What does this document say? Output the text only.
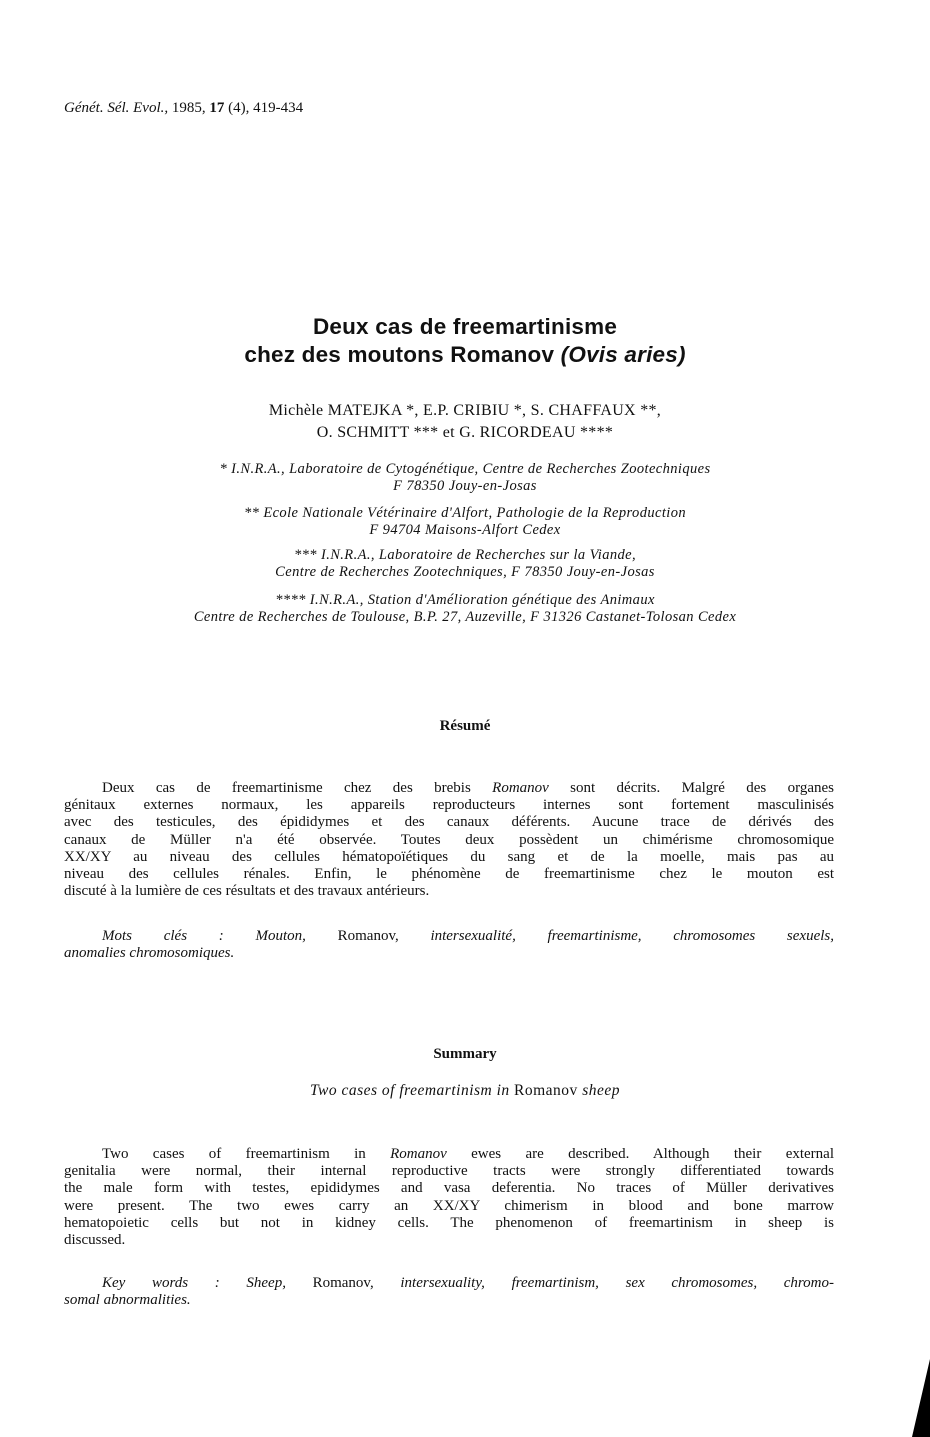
Génét. Sél. Evol., 1985, 17 (4), 419-434
Deux cas de freemartinisme
chez des moutons Romanov (Ovis aries)
Michèle MATEJKA *, E.P. CRIBIU *, S. CHAFFAUX **,
O. SCHMITT *** et G. RICORDEAU ****
* I.N.R.A., Laboratoire de Cytogénétique, Centre de Recherches Zootechniques
F 78350 Jouy-en-Josas
** Ecole Nationale Vétérinaire d'Alfort, Pathologie de la Reproduction
F 94704 Maisons-Alfort Cedex
*** I.N.R.A., Laboratoire de Recherches sur la Viande,
Centre de Recherches Zootechniques, F 78350 Jouy-en-Josas
**** I.N.R.A., Station d'Amélioration génétique des Animaux
Centre de Recherches de Toulouse, B.P. 27, Auzeville, F 31326 Castanet-Tolosan Cedex
Résumé
Deux cas de freemartinisme chez des brebis Romanov sont décrits. Malgré des organes
génitaux externes normaux, les appareils reproducteurs internes sont fortement masculinisés
avec des testicules, des épididymes et des canaux déférents. Aucune trace de dérivés des
canaux de Müller n'a été observée. Toutes deux possèdent un chimérisme chromosomique
XX/XY au niveau des cellules hématopoïétiques du sang et de la moelle, mais pas au
niveau des cellules rénales. Enfin, le phénomène de freemartinisme chez le mouton est
discuté à la lumière de ces résultats et des travaux antérieurs.
Mots clés : Mouton, Romanov, intersexualité, freemartinisme, chromosomes sexuels,
anomalies chromosomiques.
Summary
Two cases of freemartinism in Romanov sheep
Two cases of freemartinism in Romanov ewes are described. Although their external
genitalia were normal, their internal reproductive tracts were strongly differentiated towards
the male form with testes, epididymes and vasa deferentia. No traces of Müller derivatives
were present. The two ewes carry an XX/XY chimerism in blood and bone marrow
hematopoietic cells but not in kidney cells. The phenomenon of freemartinism in sheep is
discussed.
Key words : Sheep, Romanov, intersexuality, freemartinism, sex chromosomes, chromo-
somal abnormalities.
